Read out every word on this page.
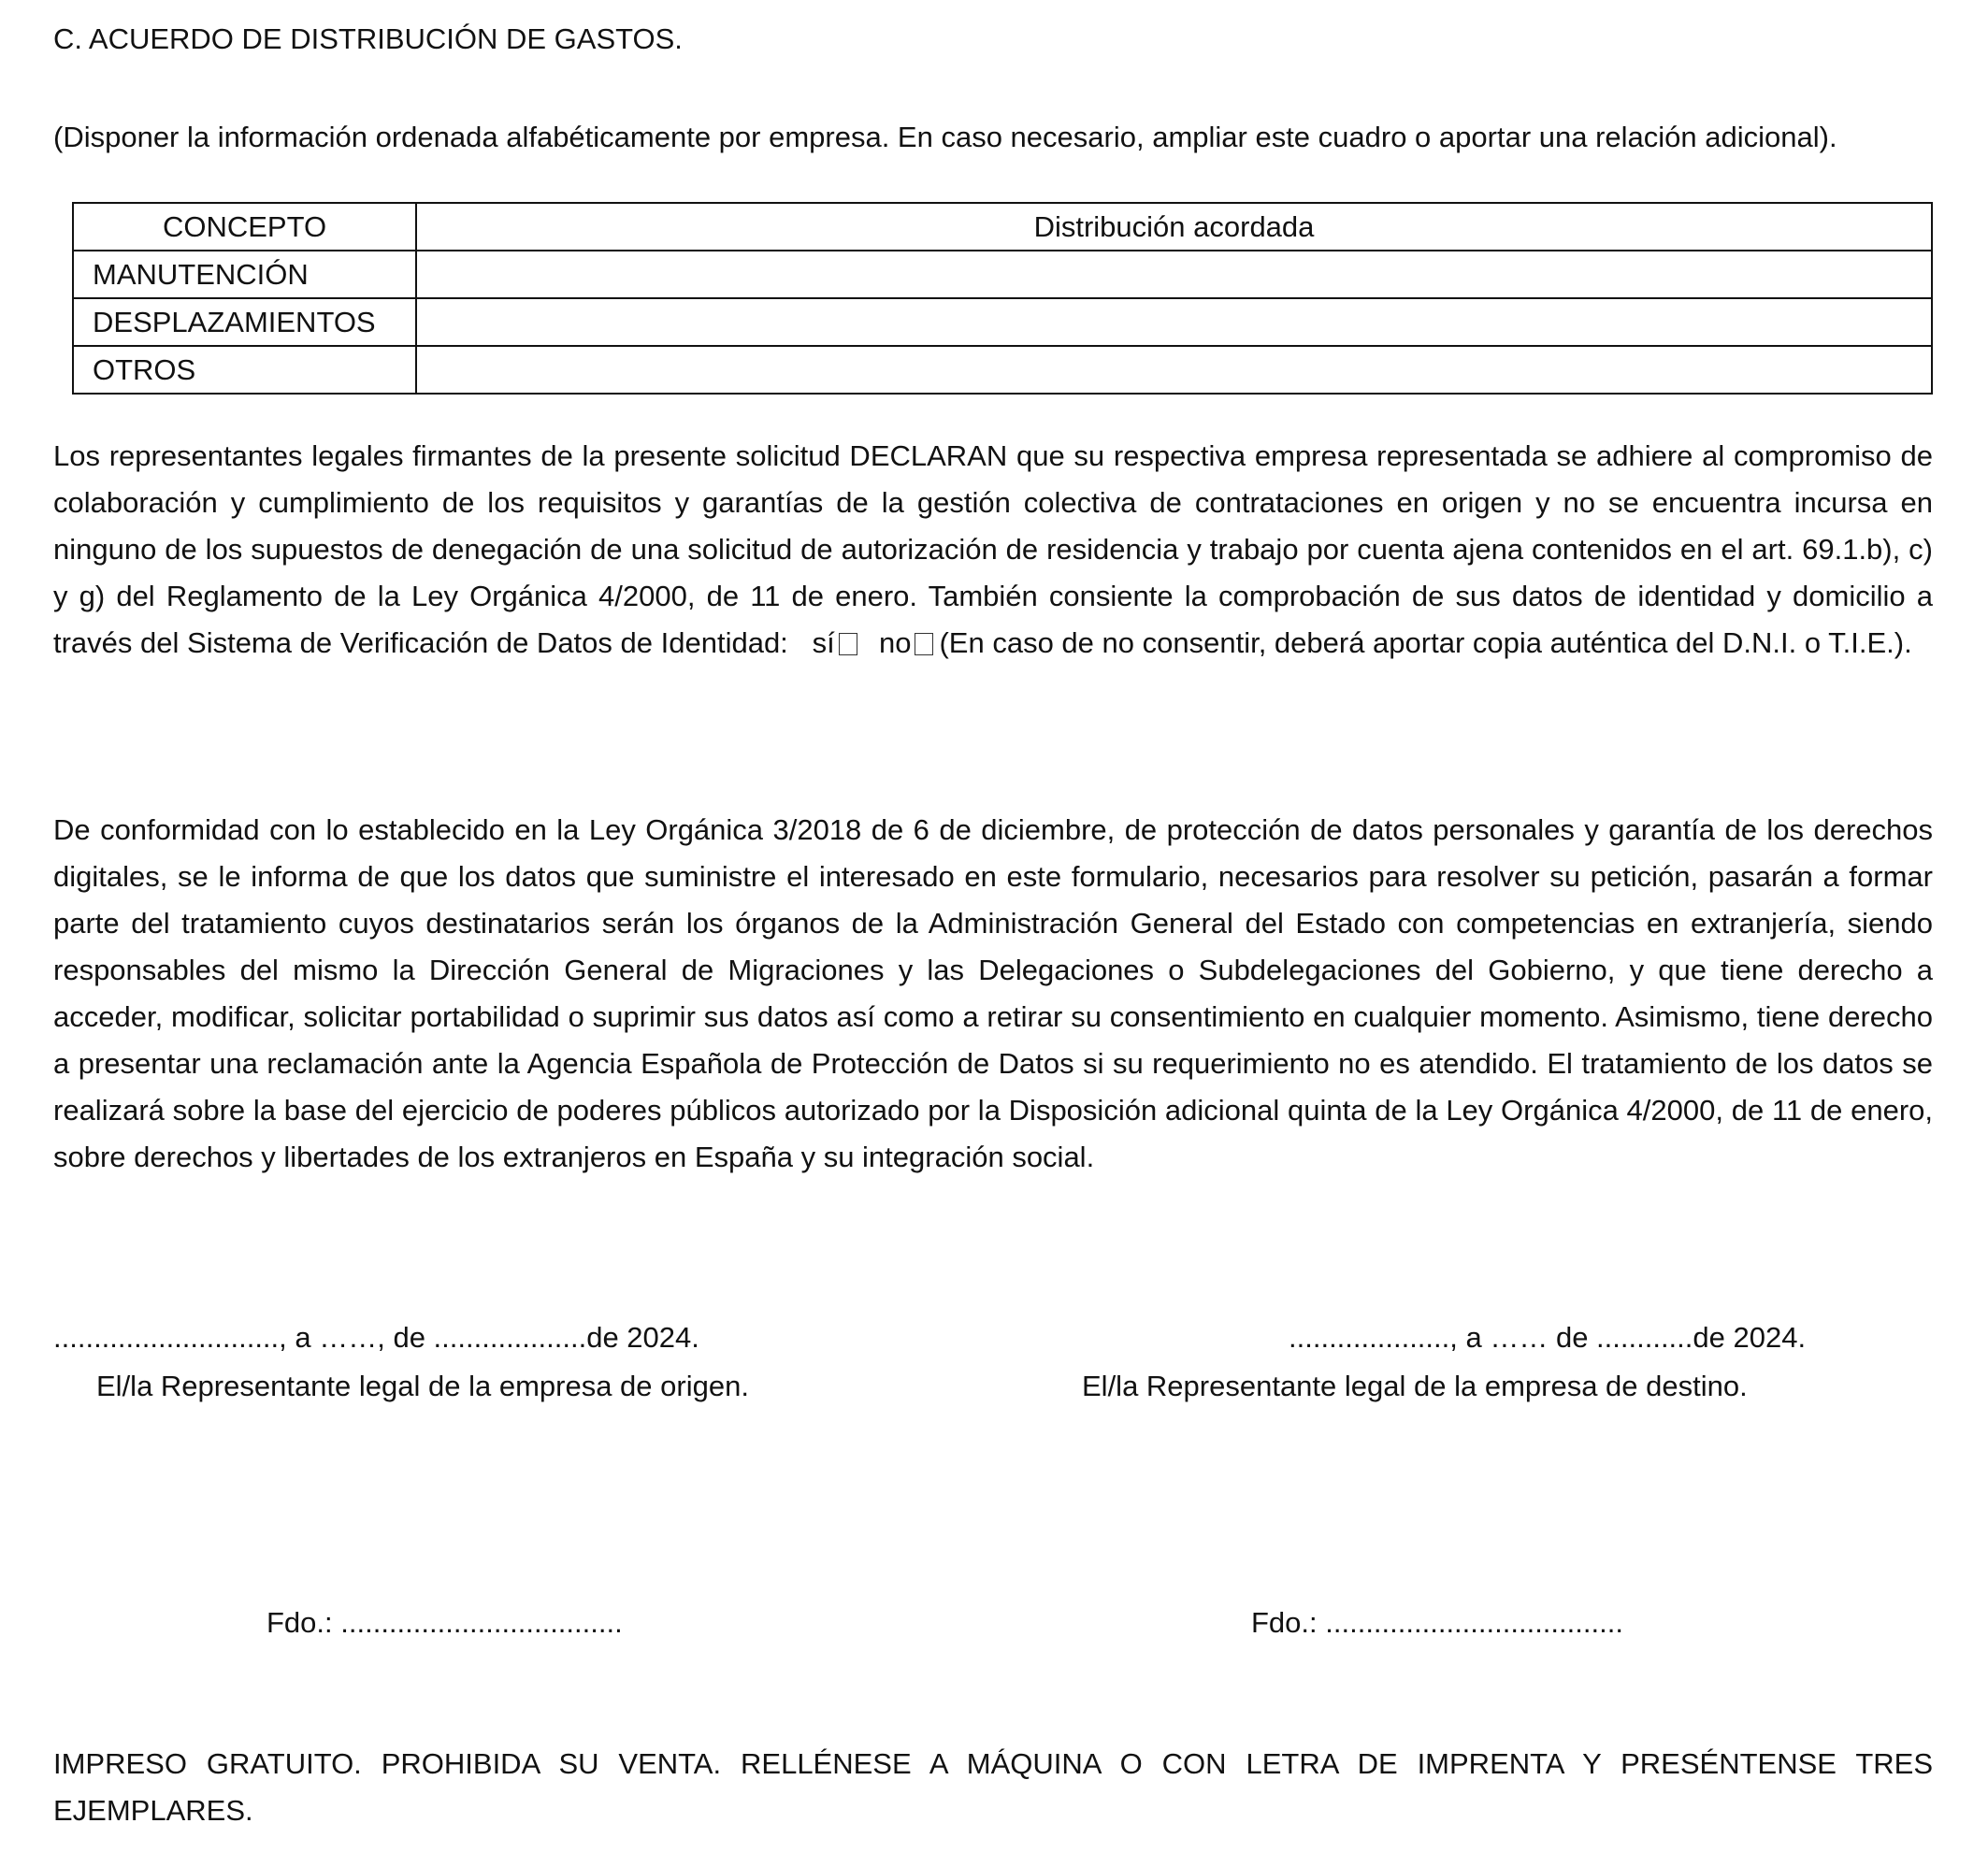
C. ACUERDO DE DISTRIBUCIÓN DE GASTOS.
(Disponer la información ordenada alfabéticamente por empresa. En caso necesario, ampliar este cuadro o aportar una relación adicional).
CONCEPTO	Distribución acordada
MANUTENCIÓN	
DESPLAZAMIENTOS	
OTROS	
Los representantes legales firmantes de la presente solicitud DECLARAN que su respectiva empresa representada se adhiere al compromiso de colaboración y cumplimiento de los requisitos y garantías de la gestión colectiva de contrataciones en origen y no se encuentra incursa en ninguno de los supuestos de denegación de una solicitud de autorización de residencia y trabajo por cuenta ajena contenidos en el art. 69.1.b), c) y g) del Reglamento de la Ley Orgánica 4/2000, de 11 de enero. También consiente la comprobación de sus datos de identidad y domicilio a través del Sistema de Verificación de Datos de Identidad: sí no (En caso de no consentir, deberá aportar copia auténtica del D.N.I. o T.I.E.).
De conformidad con lo establecido en la Ley Orgánica 3/2018 de 6 de diciembre, de protección de datos personales y garantía de los derechos digitales, se le informa de que los datos que suministre el interesado en este formulario, necesarios para resolver su petición, pasarán a formar parte del tratamiento cuyos destinatarios serán los órganos de la Administración General del Estado con competencias en extranjería, siendo responsables del mismo la Dirección General de Migraciones y las Delegaciones o Subdelegaciones del Gobierno, y que tiene derecho a acceder, modificar, solicitar portabilidad o suprimir sus datos así como a retirar su consentimiento en cualquier momento. Asimismo, tiene derecho a presentar una reclamación ante la Agencia Española de Protección de Datos si su requerimiento no es atendido. El tratamiento de los datos se realizará sobre la base del ejercicio de poderes públicos autorizado por la Disposición adicional quinta de la Ley Orgánica 4/2000, de 11 de enero, sobre derechos y libertades de los extranjeros en España y su integración social.
............................, a ……, de ...................de 2024.	...................., a …… de ............de 2024.
El/la Representante legal de la empresa de origen.	El/la Representante legal de la empresa de destino.
Fdo.: ...................................	Fdo.: .....................................
IMPRESO GRATUITO. PROHIBIDA SU VENTA. RELLÉNESE A MÁQUINA O CON LETRA DE IMPRENTA Y PRESÉNTENSE TRES EJEMPLARES.
